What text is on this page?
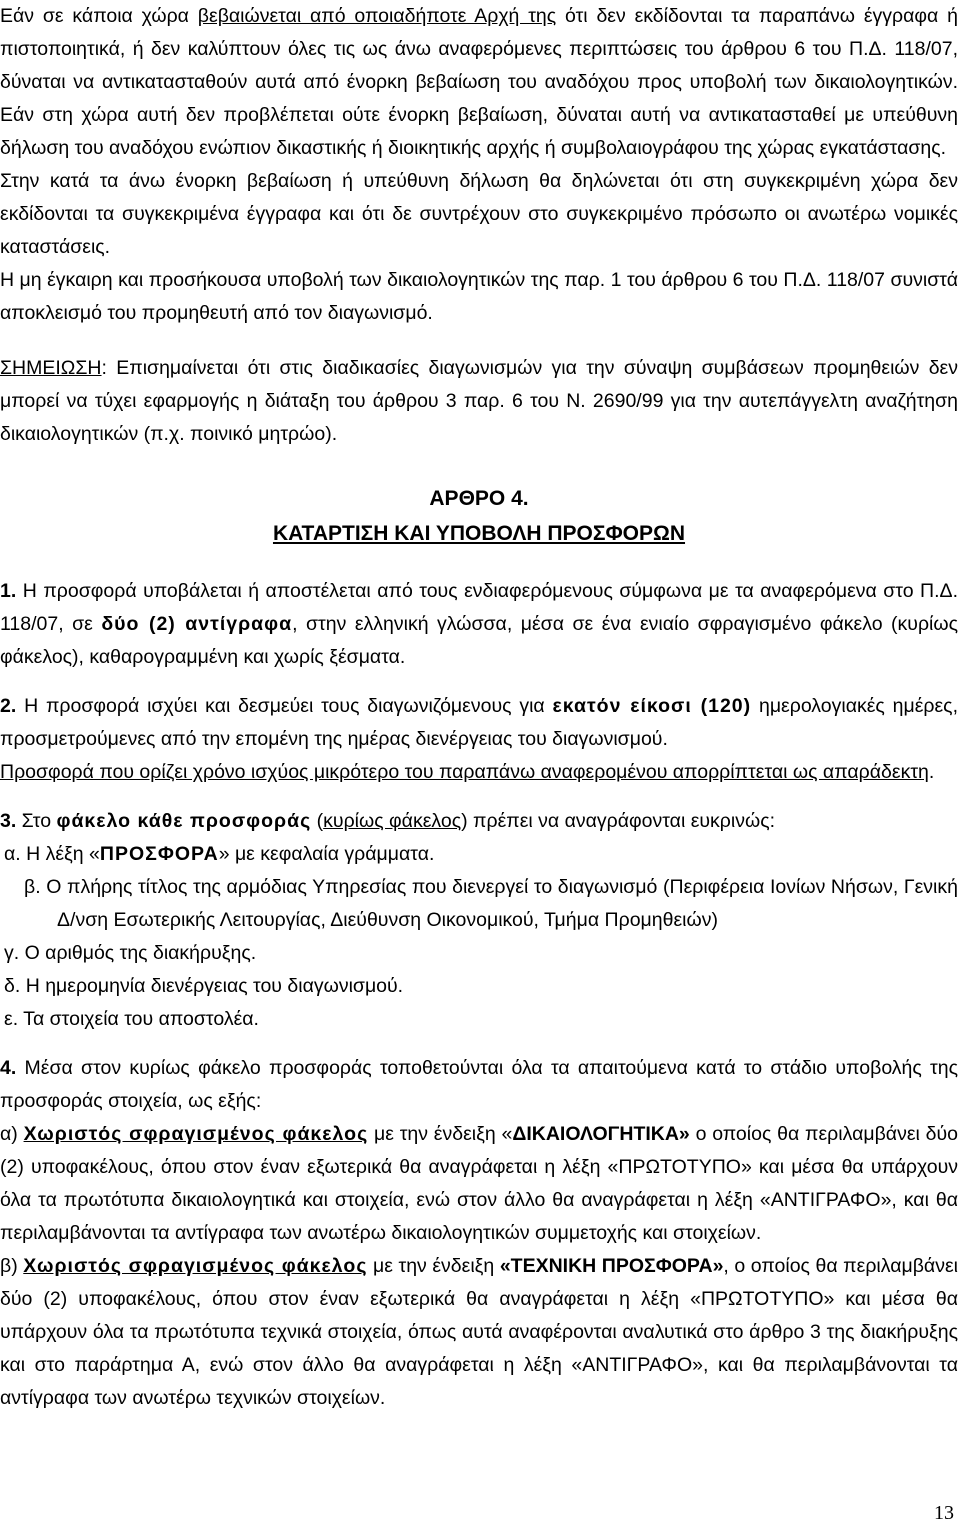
Εάν σε κάποια χώρα βεβαιώνεται από οποιαδήποτε Αρχή της ότι δεν εκδίδονται τα παραπάνω έγγραφα ή πιστοποιητικά, ή δεν καλύπτουν όλες τις ως άνω αναφερόμενες περιπτώσεις του άρθρου 6 του Π.Δ. 118/07, δύναται να αντικατασταθούν αυτά από ένορκη βεβαίωση του αναδόχου προς υποβολή των δικαιολογητικών. Εάν στη χώρα αυτή δεν προβλέπεται ούτε ένορκη βεβαίωση, δύναται αυτή να αντικατασταθεί με υπεύθυνη δήλωση του αναδόχου ενώπιον δικαστικής ή διοικητικής αρχής ή συμβολαιογράφου της χώρας εγκατάστασης.

Στην κατά τα άνω ένορκη βεβαίωση ή υπεύθυνη δήλωση θα δηλώνεται ότι στη συγκεκριμένη χώρα δεν εκδίδονται τα συγκεκριμένα έγγραφα και ότι δε συντρέχουν στο συγκεκριμένο πρόσωπο οι ανωτέρω νομικές καταστάσεις.

Η μη έγκαιρη και προσήκουσα υποβολή των δικαιολογητικών της παρ. 1 του άρθρου 6 του Π.Δ. 118/07 συνιστά αποκλεισμό του προμηθευτή από τον διαγωνισμό.

ΣΗΜΕΙΩΣΗ: Επισημαίνεται ότι στις διαδικασίες διαγωνισμών για την σύναψη συμβάσεων προμηθειών δεν μπορεί να τύχει εφαρμογής η διάταξη του άρθρου 3 παρ. 6 του Ν. 2690/99 για την αυτεπάγγελτη αναζήτηση δικαιολογητικών (π.χ. ποινικό μητρώο).

ΑΡΘΡΟ 4.

ΚΑΤΑΡΤΙΣΗ ΚΑΙ ΥΠΟΒΟΛΗ ΠΡΟΣΦΟΡΩΝ

1. Η προσφορά υποβάλεται ή αποστέλεται από τους ενδιαφερόμενους σύμφωνα με τα αναφερόμενα στο Π.Δ. 118/07, σε δύο (2) αντίγραφα, στην ελληνική γλώσσα, μέσα σε ένα ενιαίο σφραγισμένο φάκελο (κυρίως φάκελος), καθαρογραμμένη και χωρίς ξέσματα.

2. Η προσφορά ισχύει και δεσμεύει τους διαγωνιζόμενους για εκατόν είκοσι (120) ημερολογιακές ημέρες, προσμετρούμενες από την επομένη της ημέρας διενέργειας του διαγωνισμού.

Προσφορά που ορίζει χρόνο ισχύος μικρότερο του παραπάνω αναφερομένου απορρίπτεται ως απαράδεκτη.

3. Στο φάκελο κάθε προσφοράς (κυρίως φάκελος) πρέπει να αναγράφονται ευκρινώς:

α. Η λέξη «ΠΡΟΣΦΟΡΑ» με κεφαλαία γράμματα.

β. Ο πλήρης τίτλος της αρμόδιας Υπηρεσίας που διενεργεί το διαγωνισμό (Περιφέρεια Ιονίων Νήσων, Γενική Δ/νση Εσωτερικής Λειτουργίας, Διεύθυνση Οικονομικού, Τμήμα Προμηθειών)

γ. Ο αριθμός της διακήρυξης.

δ. Η ημερομηνία διενέργειας του διαγωνισμού.

ε. Τα στοιχεία του αποστολέα.

4. Μέσα στον κυρίως φάκελο προσφοράς τοποθετούνται όλα τα απαιτούμενα κατά το στάδιο υποβολής της προσφοράς στοιχεία, ως εξής:

α) Χωριστός σφραγισμένος φάκελος με την ένδειξη «ΔΙΚΑΙΟΛΟΓΗΤΙΚΑ» ο οποίος θα περιλαμβάνει δύο (2) υποφακέλους, όπου στον έναν εξωτερικά θα αναγράφεται η λέξη «ΠΡΩΤΟΤΥΠΟ» και μέσα θα υπάρχουν όλα τα πρωτότυπα δικαιολογητικά και στοιχεία, ενώ στον άλλο θα αναγράφεται η λέξη «ΑΝΤΙΓΡΑΦΟ», και θα περιλαμβάνονται τα αντίγραφα των ανωτέρω δικαιολογητικών συμμετοχής και στοιχείων.

β) Χωριστός σφραγισμένος φάκελος με την ένδειξη «ΤΕΧΝΙΚΗ ΠΡΟΣΦΟΡΑ», ο οποίος θα περιλαμβάνει δύο (2) υποφακέλους, όπου στον έναν εξωτερικά θα αναγράφεται η λέξη «ΠΡΩΤΟΤΥΠΟ» και μέσα θα υπάρχουν όλα τα πρωτότυπα τεχνικά στοιχεία, όπως αυτά αναφέρονται αναλυτικά στο άρθρο 3 της διακήρυξης και στο παράρτημα Α, ενώ στον άλλο θα αναγράφεται η λέξη «ΑΝΤΙΓΡΑΦΟ», και θα περιλαμβάνονται τα αντίγραφα των ανωτέρω τεχνικών στοιχείων.

13
